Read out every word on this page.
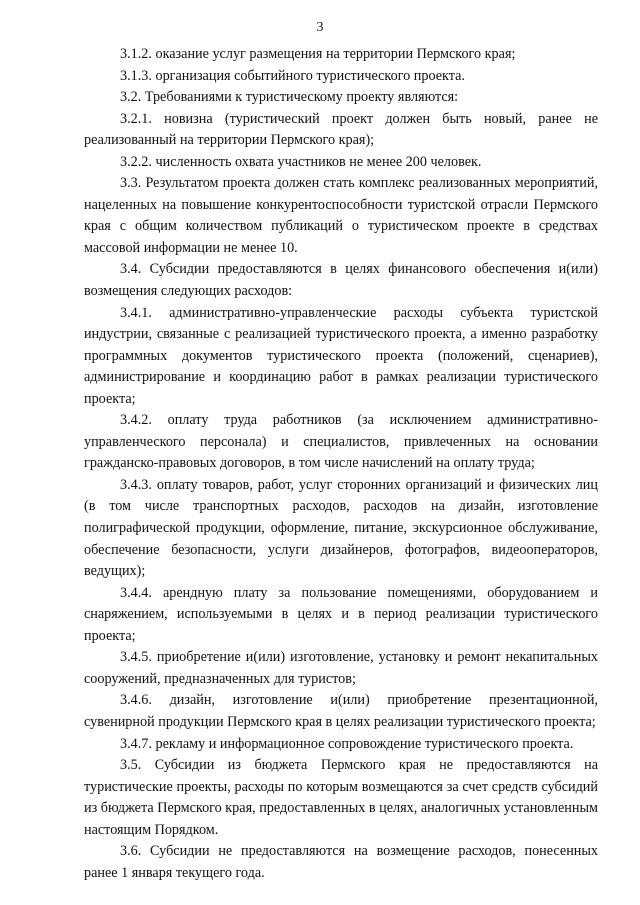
3

3.1.2. оказание услуг размещения на территории Пермского края;

3.1.3. организация событийного туристического проекта.

3.2. Требованиями к туристическому проекту являются:

3.2.1. новизна (туристический проект должен быть новый, ранее не реализованный на территории Пермского края);

3.2.2. численность охвата участников не менее 200 человек.

3.3. Результатом проекта должен стать комплекс реализованных мероприятий, нацеленных на повышение конкурентоспособности туристской отрасли Пермского края с общим количеством публикаций о туристическом проекте в средствах массовой информации не менее 10.

3.4. Субсидии предоставляются в целях финансового обеспечения и(или) возмещения следующих расходов:

3.4.1. административно-управленческие расходы субъекта туристской индустрии, связанные с реализацией туристического проекта, а именно разработку программных документов туристического проекта (положений, сценариев), администрирование и координацию работ в рамках реализации туристического проекта;

3.4.2. оплату труда работников (за исключением административно-управленческого персонала) и специалистов, привлеченных на основании гражданско-правовых договоров, в том числе начислений на оплату труда;

3.4.3. оплату товаров, работ, услуг сторонних организаций и физических лиц (в том числе транспортных расходов, расходов на дизайн, изготовление полиграфической продукции, оформление, питание, экскурсионное обслуживание, обеспечение безопасности, услуги дизайнеров, фотографов, видеооператоров, ведущих);

3.4.4. арендную плату за пользование помещениями, оборудованием и снаряжением, используемыми в целях и в период реализации туристического проекта;

3.4.5. приобретение и(или) изготовление, установку и ремонт некапитальных сооружений, предназначенных для туристов;

3.4.6. дизайн, изготовление и(или) приобретение презентационной, сувенирной продукции Пермского края в целях реализации туристического проекта;

3.4.7. рекламу и информационное сопровождение туристического проекта.

3.5. Субсидии из бюджета Пермского края не предоставляются на туристические проекты, расходы по которым возмещаются за счет средств субсидий из бюджета Пермского края, предоставленных в целях, аналогичных установленным настоящим Порядком.

3.6. Субсидии не предоставляются на возмещение расходов, понесенных ранее 1 января текущего года.
